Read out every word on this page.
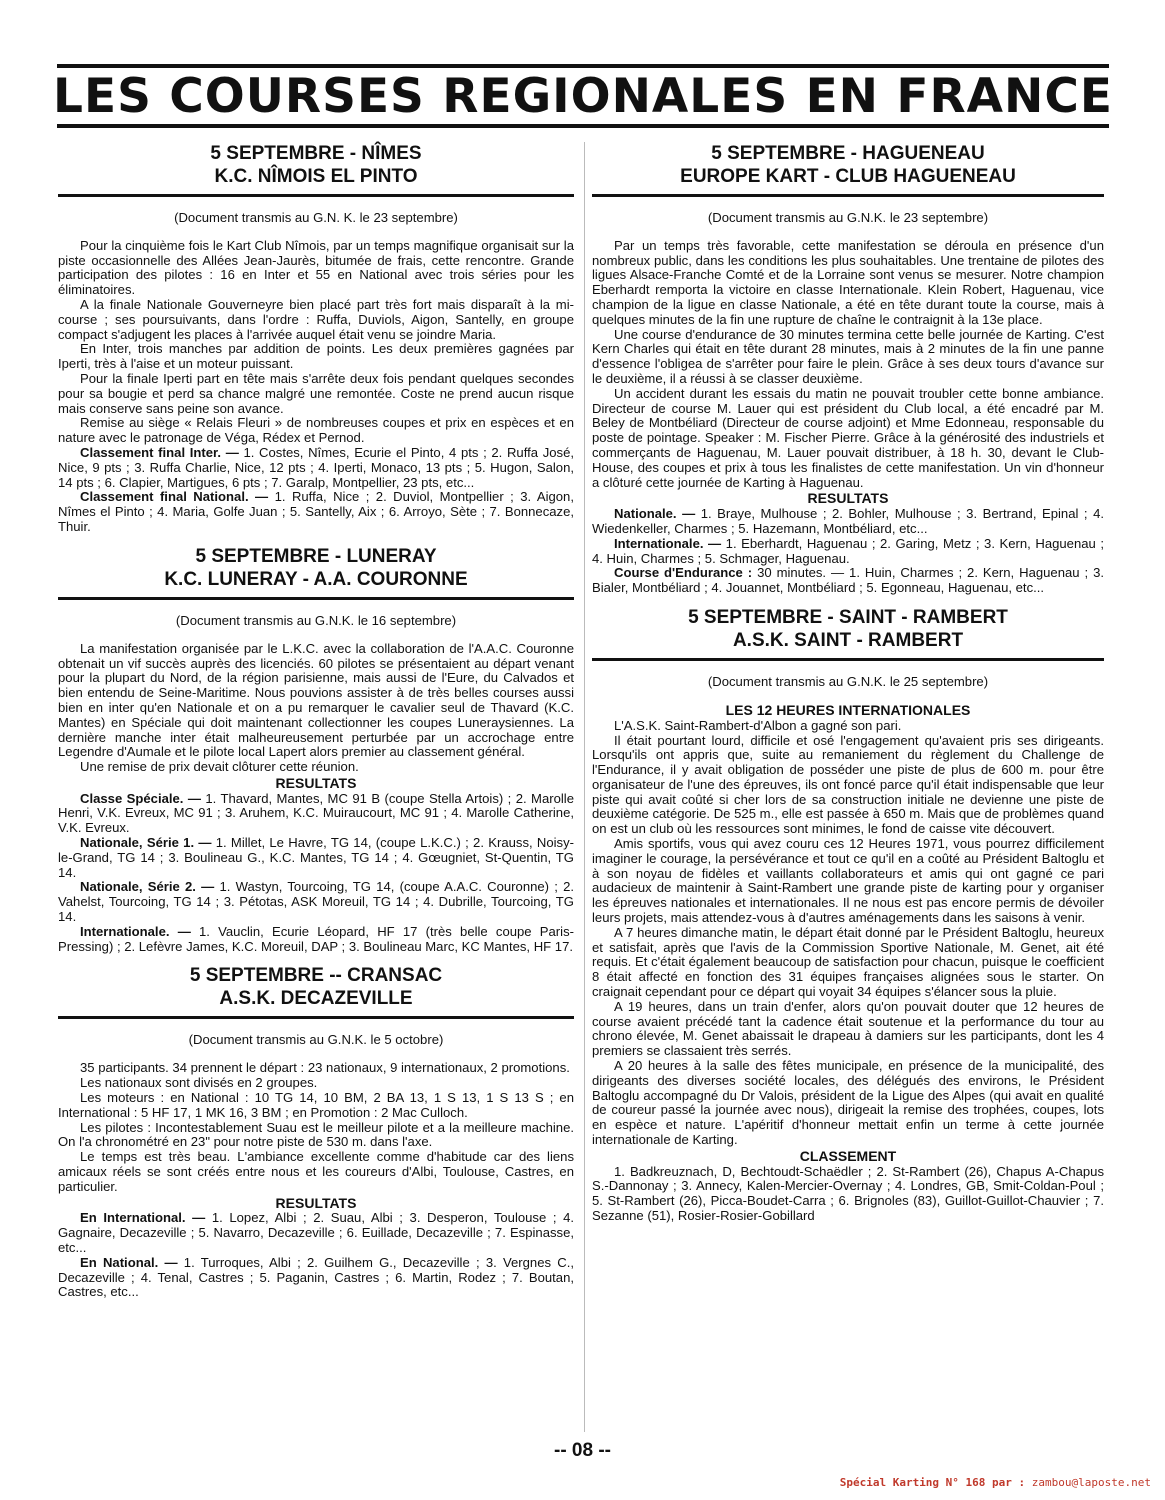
LES COURSES REGIONALES EN FRANCE
5 SEPTEMBRE - NÎMES
K.C. NÎMOIS EL PINTO

(Document transmis au G.N. K. le 23 septembre)

Pour la cinquième fois le Kart Club Nîmois, par un temps magnifique organisait sur la piste occasionnelle des Allées Jean-Jaurès, bitumée de frais, cette rencontre. Grande participation des pilotes : 16 en Inter et 55 en National avec trois séries pour les éliminatoires.

A la finale Nationale Gouverneyre bien placé part très fort mais disparaît à la mi-course ; ses poursuivants, dans l'ordre : Ruffa, Duviols, Aigon, Santelly, en groupe compact s'adjugent les places à l'arrivée auquel était venu se joindre Maria.

En Inter, trois manches par addition de points. Les deux premières gagnées par Iperti, très à l'aise et un moteur puissant.

Pour la finale Iperti part en tête mais s'arrête deux fois pendant quelques secondes pour sa bougie et perd sa chance malgré une remontée. Coste ne prend aucun risque mais conserve sans peine son avance.

Remise au siège « Relais Fleuri » de nombreuses coupes et prix en espèces et en nature avec le patronage de Véga, Rédex et Pernod.

Classement final Inter. — 1. Costes, Nîmes, Ecurie el Pinto, 4 pts ; 2. Ruffa José, Nice, 9 pts ; 3. Ruffa Charlie, Nice, 12 pts ; 4. Iperti, Monaco, 13 pts ; 5. Hugon, Salon, 14 pts ; 6. Clapier, Martigues, 6 pts ; 7. Garalp, Montpellier, 23 pts, etc...

Classement final National. — 1. Ruffa, Nice ; 2. Duviol, Montpellier ; 3. Aigon, Nîmes el Pinto ; 4. Maria, Golfe Juan ; 5. Santelly, Aix ; 6. Arroyo, Sète ; 7. Bonnecaze, Thuir.

5 SEPTEMBRE - LUNERAY
K.C. LUNERAY - A.A. COURONNE

(Document transmis au G.N.K. le 16 septembre)

La manifestation organisée par le L.K.C. avec la collaboration de l'A.A.C. Couronne obtenait un vif succès auprès des licenciés. 60 pilotes se présentaient au départ venant pour la plupart du Nord, de la région parisienne, mais aussi de l'Eure, du Calvados et bien entendu de Seine-Maritime. Nous pouvions assister à de très belles courses aussi bien en inter qu'en Nationale et on a pu remarquer le cavalier seul de Thavard (K.C. Mantes) en Spéciale qui doit maintenant collectionner les coupes Luneraysiennes. La dernière manche inter était malheureusement perturbée par un accrochage entre Legendre d'Aumale et le pilote local Lapert alors premier au classement général.

Une remise de prix devait clôturer cette réunion.

RESULTATS

Classe Spéciale. — 1. Thavard, Mantes, MC 91 B (coupe Stella Artois) ; 2. Marolle Henri, V.K. Evreux, MC 91 ; 3. Aruhem, K.C. Muiraucourt, MC 91 ; 4. Marolle Catherine, V.K. Evreux.

Nationale, Série 1. — 1. Millet, Le Havre, TG 14, (coupe L.K.C.) ; 2. Krauss, Noisy-le-Grand, TG 14 ; 3. Boulineau G., K.C. Mantes, TG 14 ; 4. Gœugniet, St-Quentin, TG 14.

Nationale, Série 2. — 1. Wastyn, Tourcoing, TG 14, (coupe A.A.C. Couronne) ; 2. Vahelst, Tourcoing, TG 14 ; 3. Pétotas, ASK Moreuil, TG 14 ; 4. Dubrille, Tourcoing, TG 14.

Internationale. — 1. Vauclin, Ecurie Léopard, HF 17 (très belle coupe Paris-Pressing) ; 2. Lefèvre James, K.C. Moreuil, DAP ; 3. Boulineau Marc, KC Mantes, HF 17.

5 SEPTEMBRE -- CRANSAC
A.S.K. DECAZEVILLE

(Document transmis au G.N.K. le 5 octobre)

35 participants. 34 prennent le départ : 23 nationaux, 9 internationaux, 2 promotions.

Les nationaux sont divisés en 2 groupes.

Les moteurs : en National : 10 TG 14, 10 BM, 2 BA 13, 1 S 13, 1 S 13 S ; en International : 5 HF 17, 1 MK 16, 3 BM ; en Promotion : 2 Mac Culloch.

Les pilotes : Incontestablement Suau est le meilleur pilote et a la meilleure machine. On l'a chronométré en 23" pour notre piste de 530 m. dans l'axe.

Le temps est très beau. L'ambiance excellente comme d'habitude car des liens amicaux réels se sont créés entre nous et les coureurs d'Albi, Toulouse, Castres, en particulier.

RESULTATS

En International. — 1. Lopez, Albi ; 2. Suau, Albi ; 3. Desperon, Toulouse ; 4. Gagnaire, Decazeville ; 5. Navarro, Decazeville ; 6. Euillade, Decazeville ; 7. Espinasse, etc...

En National. — 1. Turroques, Albi ; 2. Guilhem G., Decazeville ; 3. Vergnes C., Decazeville ; 4. Tenal, Castres ; 5. Paganin, Castres ; 6. Martin, Rodez ; 7. Boutan, Castres, etc...

5 SEPTEMBRE - HAGUENEAU
EUROPE KART - CLUB HAGUENEAU

(Document transmis au G.N.K. le 23 septembre)

Par un temps très favorable, cette manifestation se déroula en présence d'un nombreux public, dans les conditions les plus souhaitables. Une trentaine de pilotes des ligues Alsace-Franche Comté et de la Lorraine sont venus se mesurer. Notre champion Eberhardt remporta la victoire en classe Internationale. Klein Robert, Haguenau, vice champion de la ligue en classe Nationale, a été en tête durant toute la course, mais à quelques minutes de la fin une rupture de chaîne le contraignit à la 13e place.

Une course d'endurance de 30 minutes termina cette belle journée de Karting. C'est Kern Charles qui était en tête durant 28 minutes, mais à 2 minutes de la fin une panne d'essence l'obligea de s'arrêter pour faire le plein. Grâce à ses deux tours d'avance sur le deuxième, il a réussi à se classer deuxième.

Un accident durant les essais du matin ne pouvait troubler cette bonne ambiance. Directeur de course M. Lauer qui est président du Club local, a été encadré par M. Beley de Montbéliard (Directeur de course adjoint) et Mme Edonneau, responsable du poste de pointage. Speaker : M. Fischer Pierre. Grâce à la générosité des industriels et commerçants de Haguenau, M. Lauer pouvait distribuer, à 18 h. 30, devant le Club-House, des coupes et prix à tous les finalistes de cette manifestation. Un vin d'honneur a clôturé cette journée de Karting à Haguenau.

RESULTATS

Nationale. — 1. Braye, Mulhouse ; 2. Bohler, Mulhouse ; 3. Bertrand, Epinal ; 4. Wiedenkeller, Charmes ; 5. Hazemann, Montbéliard, etc...

Internationale. — 1. Eberhardt, Haguenau ; 2. Garing, Metz ; 3. Kern, Haguenau ; 4. Huin, Charmes ; 5. Schmager, Haguenau.

Course d'Endurance : 30 minutes. — 1. Huin, Charmes ; 2. Kern, Haguenau ; 3. Bialer, Montbéliard ; 4. Jouannet, Montbéliard ; 5. Egonneau, Haguenau, etc...

5 SEPTEMBRE - SAINT - RAMBERT
A.S.K. SAINT - RAMBERT

(Document transmis au G.N.K. le 25 septembre)

LES 12 HEURES INTERNATIONALES

L'A.S.K. Saint-Rambert-d'Albon a gagné son pari.

Il était pourtant lourd, difficile et osé l'engagement qu'avaient pris ses dirigeants. Lorsqu'ils ont appris que, suite au remaniement du règlement du Challenge de l'Endurance, il y avait obligation de posséder une piste de plus de 600 m. pour être organisateur de l'une des épreuves, ils ont foncé parce qu'il était indispensable que leur piste qui avait coûté si cher lors de sa construction initiale ne devienne une piste de deuxième catégorie. De 525 m., elle est passée à 650 m. Mais que de problèmes quand on est un club où les ressources sont minimes, le fond de caisse vite découvert.

Amis sportifs, vous qui avez couru ces 12 Heures 1971, vous pourrez difficilement imaginer le courage, la persévérance et tout ce qu'il en a coûté au Président Baltoglu et à son noyau de fidèles et vaillants collaborateurs et amis qui ont gagné ce pari audacieux de maintenir à Saint-Rambert une grande piste de karting pour y organiser les épreuves nationales et internationales. Il ne nous est pas encore permis de dévoiler leurs projets, mais attendez-vous à d'autres aménagements dans les saisons à venir.

A 7 heures dimanche matin, le départ était donné par le Président Baltoglu, heureux et satisfait, après que l'avis de la Commission Sportive Nationale, M. Genet, ait été requis. Et c'était également beaucoup de satisfaction pour chacun, puisque le coefficient 8 était affecté en fonction des 31 équipes françaises alignées sous le starter. On craignait cependant pour ce départ qui voyait 34 équipes s'élancer sous la pluie.

A 19 heures, dans un train d'enfer, alors qu'on pouvait douter que 12 heures de course avaient précédé tant la cadence était soutenue et la performance du tour au chrono élevée, M. Genet abaissait le drapeau à damiers sur les participants, dont les 4 premiers se classaient très serrés.

A 20 heures à la salle des fêtes municipale, en présence de la municipalité, des dirigeants des diverses société locales, des délégués des environs, le Président Baltoglu accompagné du Dr Valois, président de la Ligue des Alpes (qui avait en qualité de coureur passé la journée avec nous), dirigeait la remise des trophées, coupes, lots en espèce et nature. L'apéritif d'honneur mettait enfin un terme à cette journée internationale de Karting.

CLASSEMENT

1. Badkreuznach, D, Bechtoudt-Schaëdler ; 2. St-Rambert (26), Chapus A-Chapus S.-Dannonay ; 3. Annecy, Kalen-Mercier-Overnay ; 4. Londres, GB, Smit-Coldan-Poul ; 5. St-Rambert (26), Picca-Boudet-Carra ; 6. Brignoles (83), Guillot-Guillot-Chauvier ; 7. Sezanne (51), Rosier-Rosier-Gobillard

-- 08 --
Spécial Karting N° 168 par : zambou@laposte.net
